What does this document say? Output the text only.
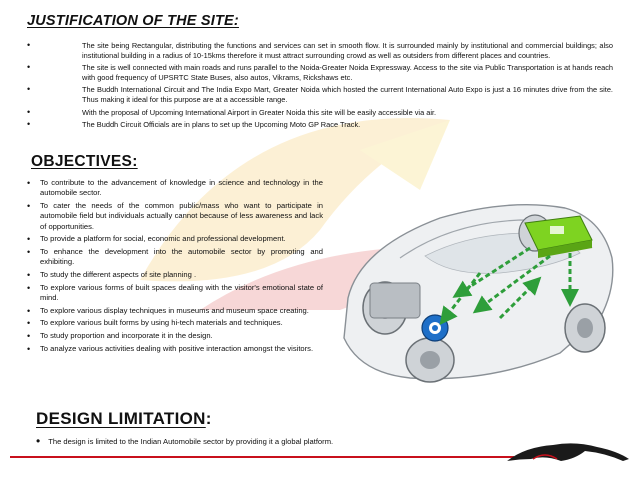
JUSTIFICATION OF THE SITE:
•	The site being Rectangular, distributing the functions and services can set in smooth flow. It is surrounded mainly by institutional and commercial buildings; also institutional building in a radius of 10-15kms therefore it must attract surrounding crowd as well as outsiders from different places and countries.
•	The site is well connected with main roads and runs parallel to the Noida-Greater Noida Expressway. Access to the site via Public Transportation is at hands reach with good frequency of UPSRTC State Buses, also autos, Vikrams, Rickshaws etc.
•	The Buddh International Circuit and The India Expo Mart, Greater Noida which hosted the current International Auto Expo is just a 16 minutes drive from the site. Thus making it ideal for this purpose are at a accessible range.
•	With the proposal of Upcoming International Airport in Greater Noida this site will be easily accessible via air.
•	The Buddh Circuit Officials are in plans to set up the Upcoming Moto GP Race Track.
OBJECTIVES:
•	To contribute to the advancement of knowledge in science and technology in the automobile sector.
•	To cater the needs of the common public/mass who want to participate in automobile field but individuals actually cannot because of less awareness and lack of opportunities.
•	To provide a platform for social, economic and professional development.
•	To enhance the development into the automobile sector by promoting and exhibiting.
•	To study the different aspects of site planning .
•	To explore various forms of built spaces dealing with the visitor's emotional state of mind.
•	To explore various display techniques in museums and museum space creating.
•	To explore various built forms by using hi-tech materials and techniques.
•	To study proportion and incorporate it in the design.
•	To analyze various activities dealing with positive interaction amongst the visitors.
DESIGN LIMITATION:
• The design is limited to the Indian Automobile sector by providing it a global platform.
